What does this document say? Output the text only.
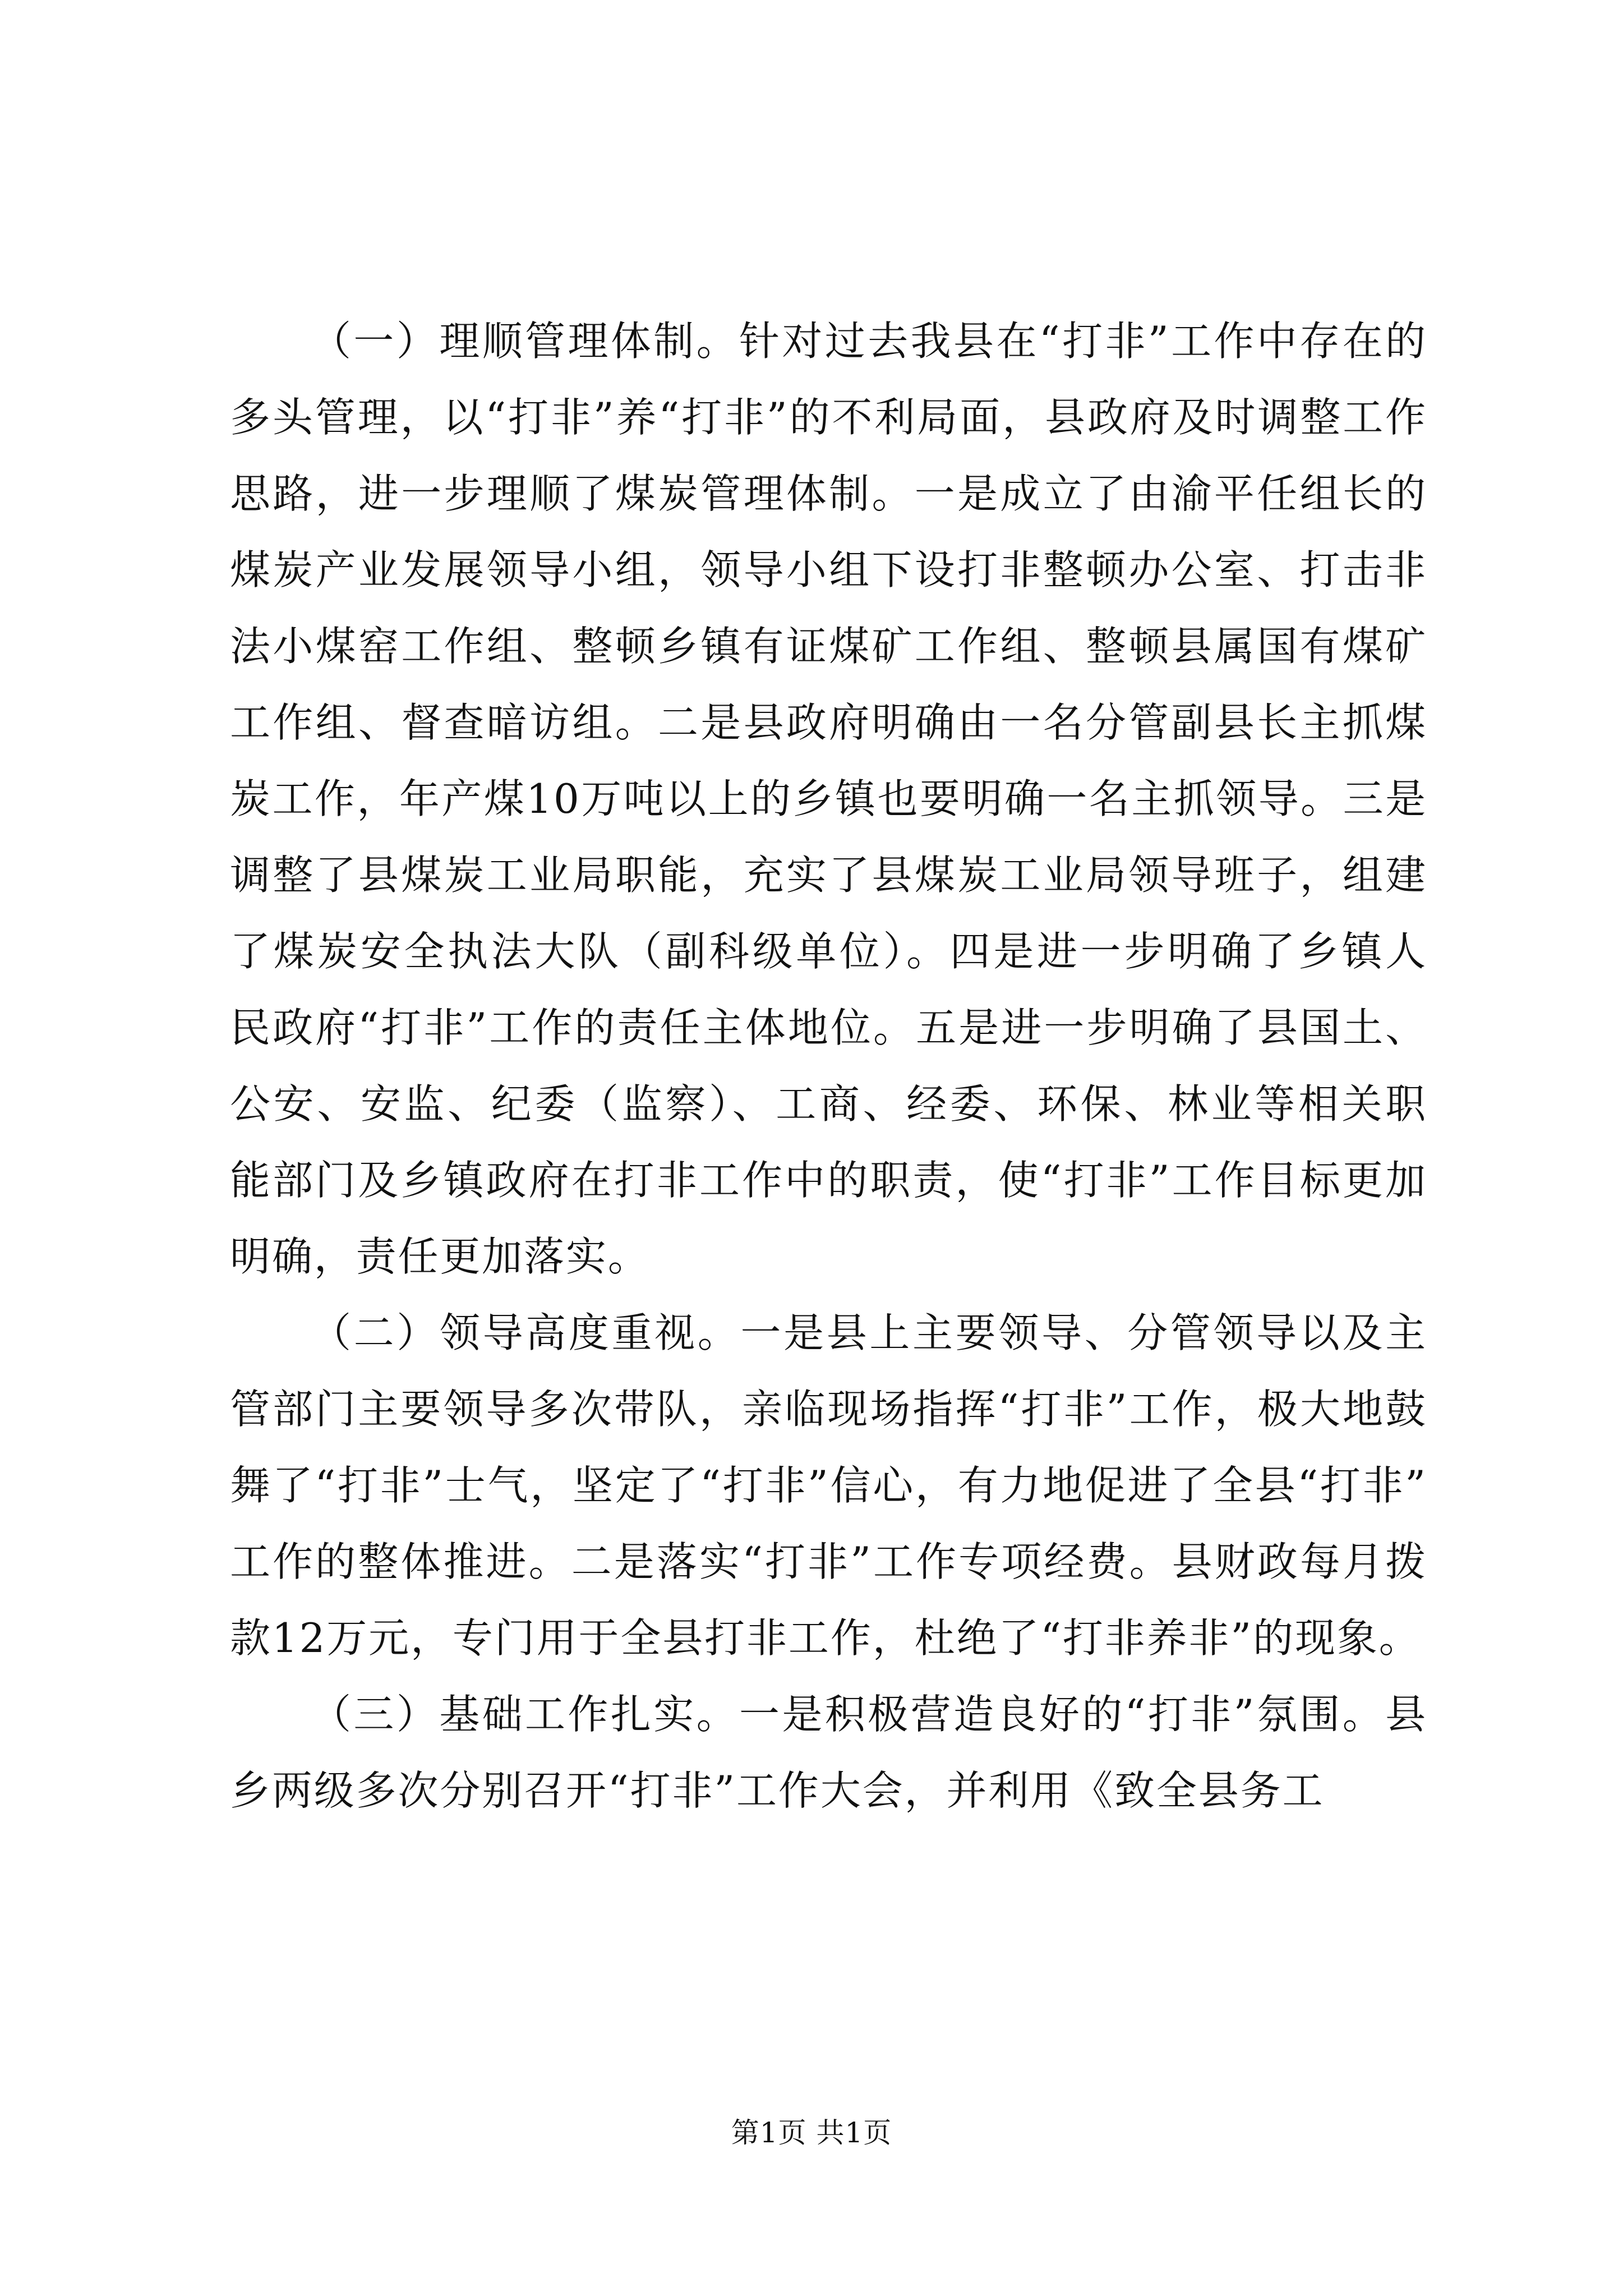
（一）理顺管理体制。针对过去我县在“打非”工作中存在的多头管理，以“打非”养“打非”的不利局面，县政府及时调整工作思路，进一步理顺了煤炭管理体制。一是成立了由渝平任组长的煤炭产业发展领导小组，领导小组下设打非整顿办公室、打击非法小煤窑工作组、整顿乡镇有证煤矿工作组、整顿县属国有煤矿工作组、督查暗访组。二是县政府明确由一名分管副县长主抓煤炭工作，年产煤10万吨以上的乡镇也要明确一名主抓领导。三是调整了县煤炭工业局职能，充实了县煤炭工业局领导班子，组建了煤炭安全执法大队（副科级单位）。四是进一步明确了乡镇人民政府“打非”工作的责任主体地位。五是进一步明确了县国土、公安、安监、纪委（监察）、工商、经委、环保、林业等相关职能部门及乡镇政府在打非工作中的职责，使“打非”工作目标更加明确，责任更加落实。

（二）领导高度重视。一是县上主要领导、分管领导以及主管部门主要领导多次带队，亲临现场指挥“打非”工作，极大地鼓舞了“打非”士气，坚定了“打非”信心，有力地促进了全县“打非”工作的整体推进。二是落实“打非”工作专项经费。县财政每月拨款12万元，专门用于全县打非工作，杜绝了“打非养非”的现象。

（三）基础工作扎实。一是积极营造良好的“打非”氛围。县乡两级多次分别召开“打非”工作大会，并利用《致全县务工

第1页 共1页
